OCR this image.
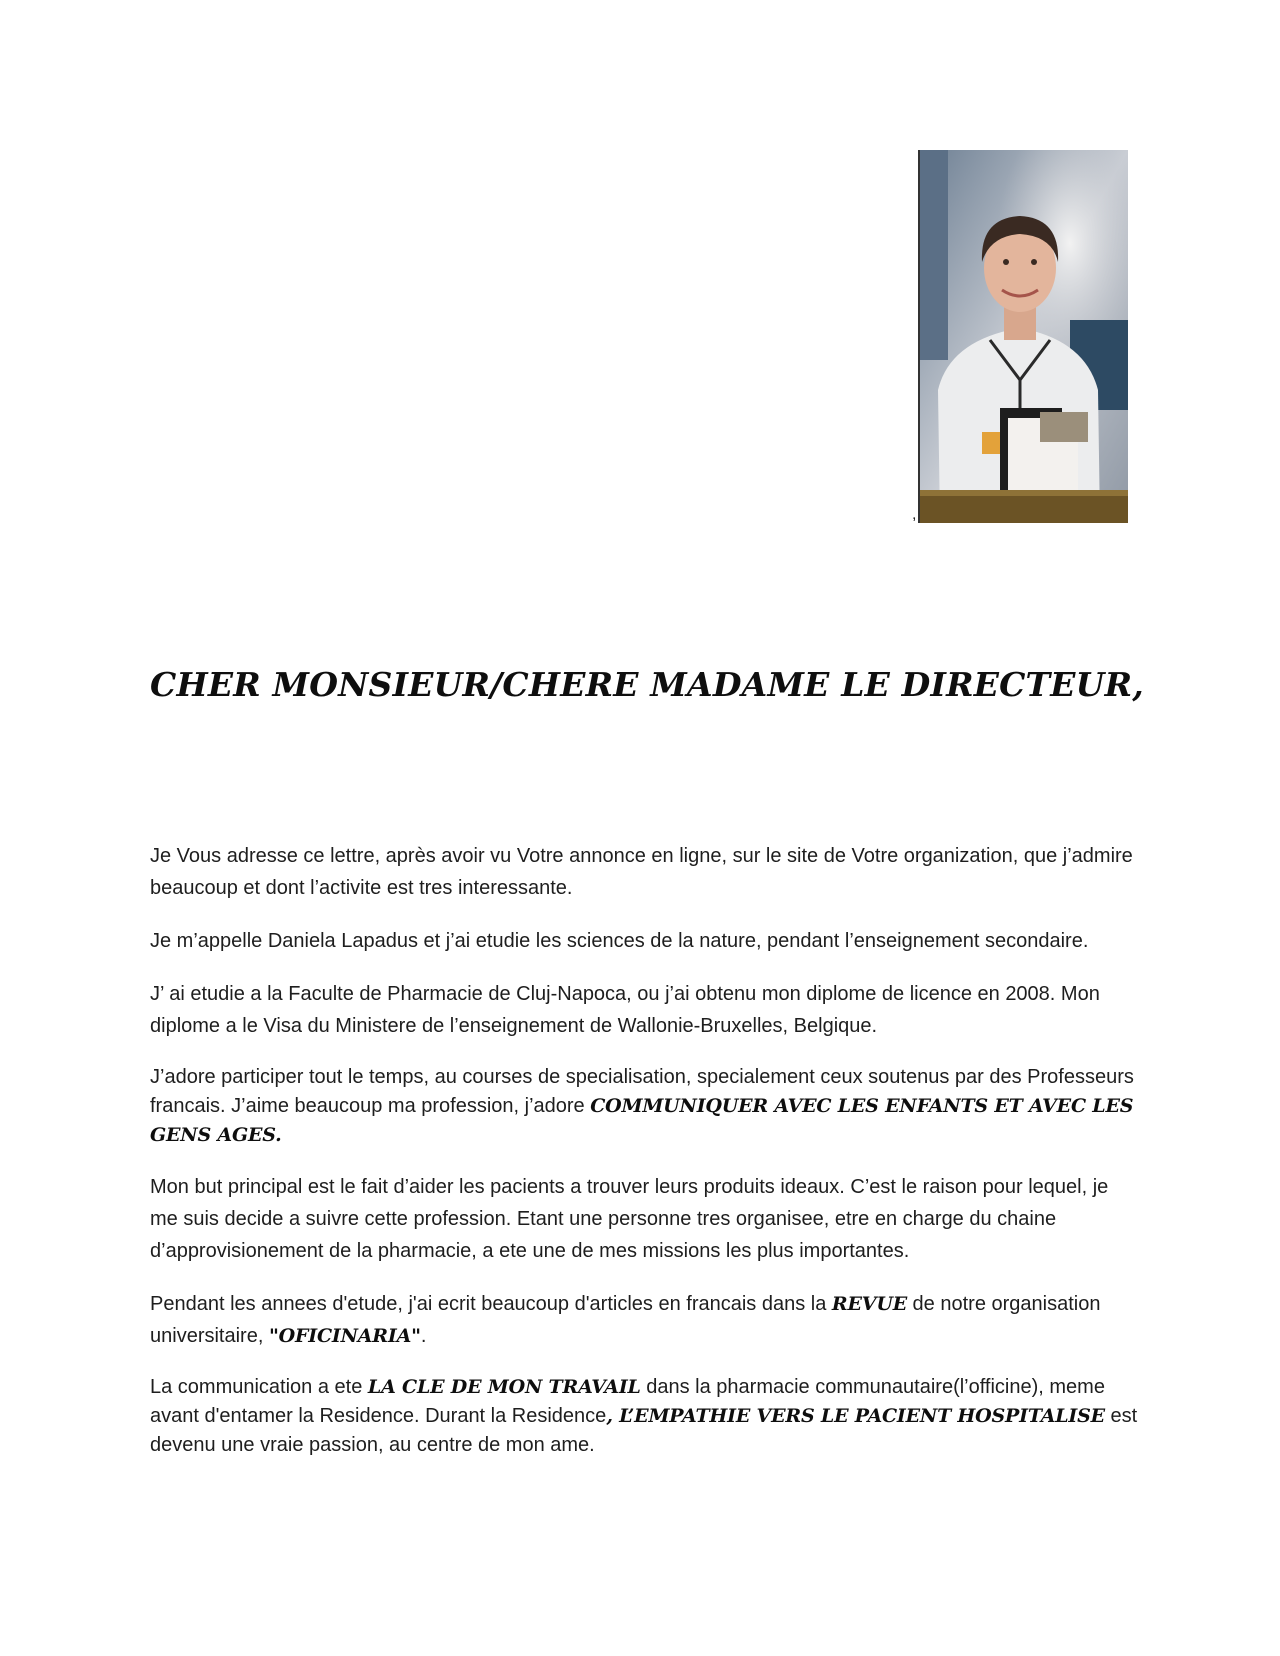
,
CHER MONSIEUR/CHERE MADAME LE DIRECTEUR,

Je Vous adresse ce lettre, après avoir vu Votre annonce en ligne, sur le site de Votre organization, que j’admire beaucoup et dont l’activite est tres interessante.

Je m’appelle Daniela Lapadus et j’ai etudie les sciences de la nature, pendant l’enseignement secondaire.

J’ ai etudie a la Faculte de Pharmacie de Cluj-Napoca, ou j’ai obtenu mon diplome de licence en 2008. Mon diplome a le Visa du Ministere de l’enseignement de Wallonie-Bruxelles, Belgique.

J’adore participer tout le temps, au courses de specialisation, specialement ceux soutenus par des Professeurs francais. J’aime beaucoup ma profession, j’adore COMMUNIQUER AVEC LES ENFANTS ET AVEC LES GENS AGES.

Mon but principal est le fait d’aider les pacients a trouver leurs produits ideaux. C’est le raison pour lequel, je me suis decide a suivre cette profession. Etant une personne tres organisee, etre en charge du chaine d’approvisionement de la pharmacie, a ete une de mes missions les plus importantes.

Pendant les annees d'etude, j'ai ecrit beaucoup d'articles en francais dans la REVUE de notre organisation universitaire, "OFICINARIA".

La communication a ete LA CLE DE MON TRAVAIL dans la pharmacie communautaire(l’officine), meme avant d'entamer la Residence. Durant la Residence, L’EMPATHIE VERS LE PACIENT HOSPITALISE est devenu une vraie passion, au centre de mon ame.
